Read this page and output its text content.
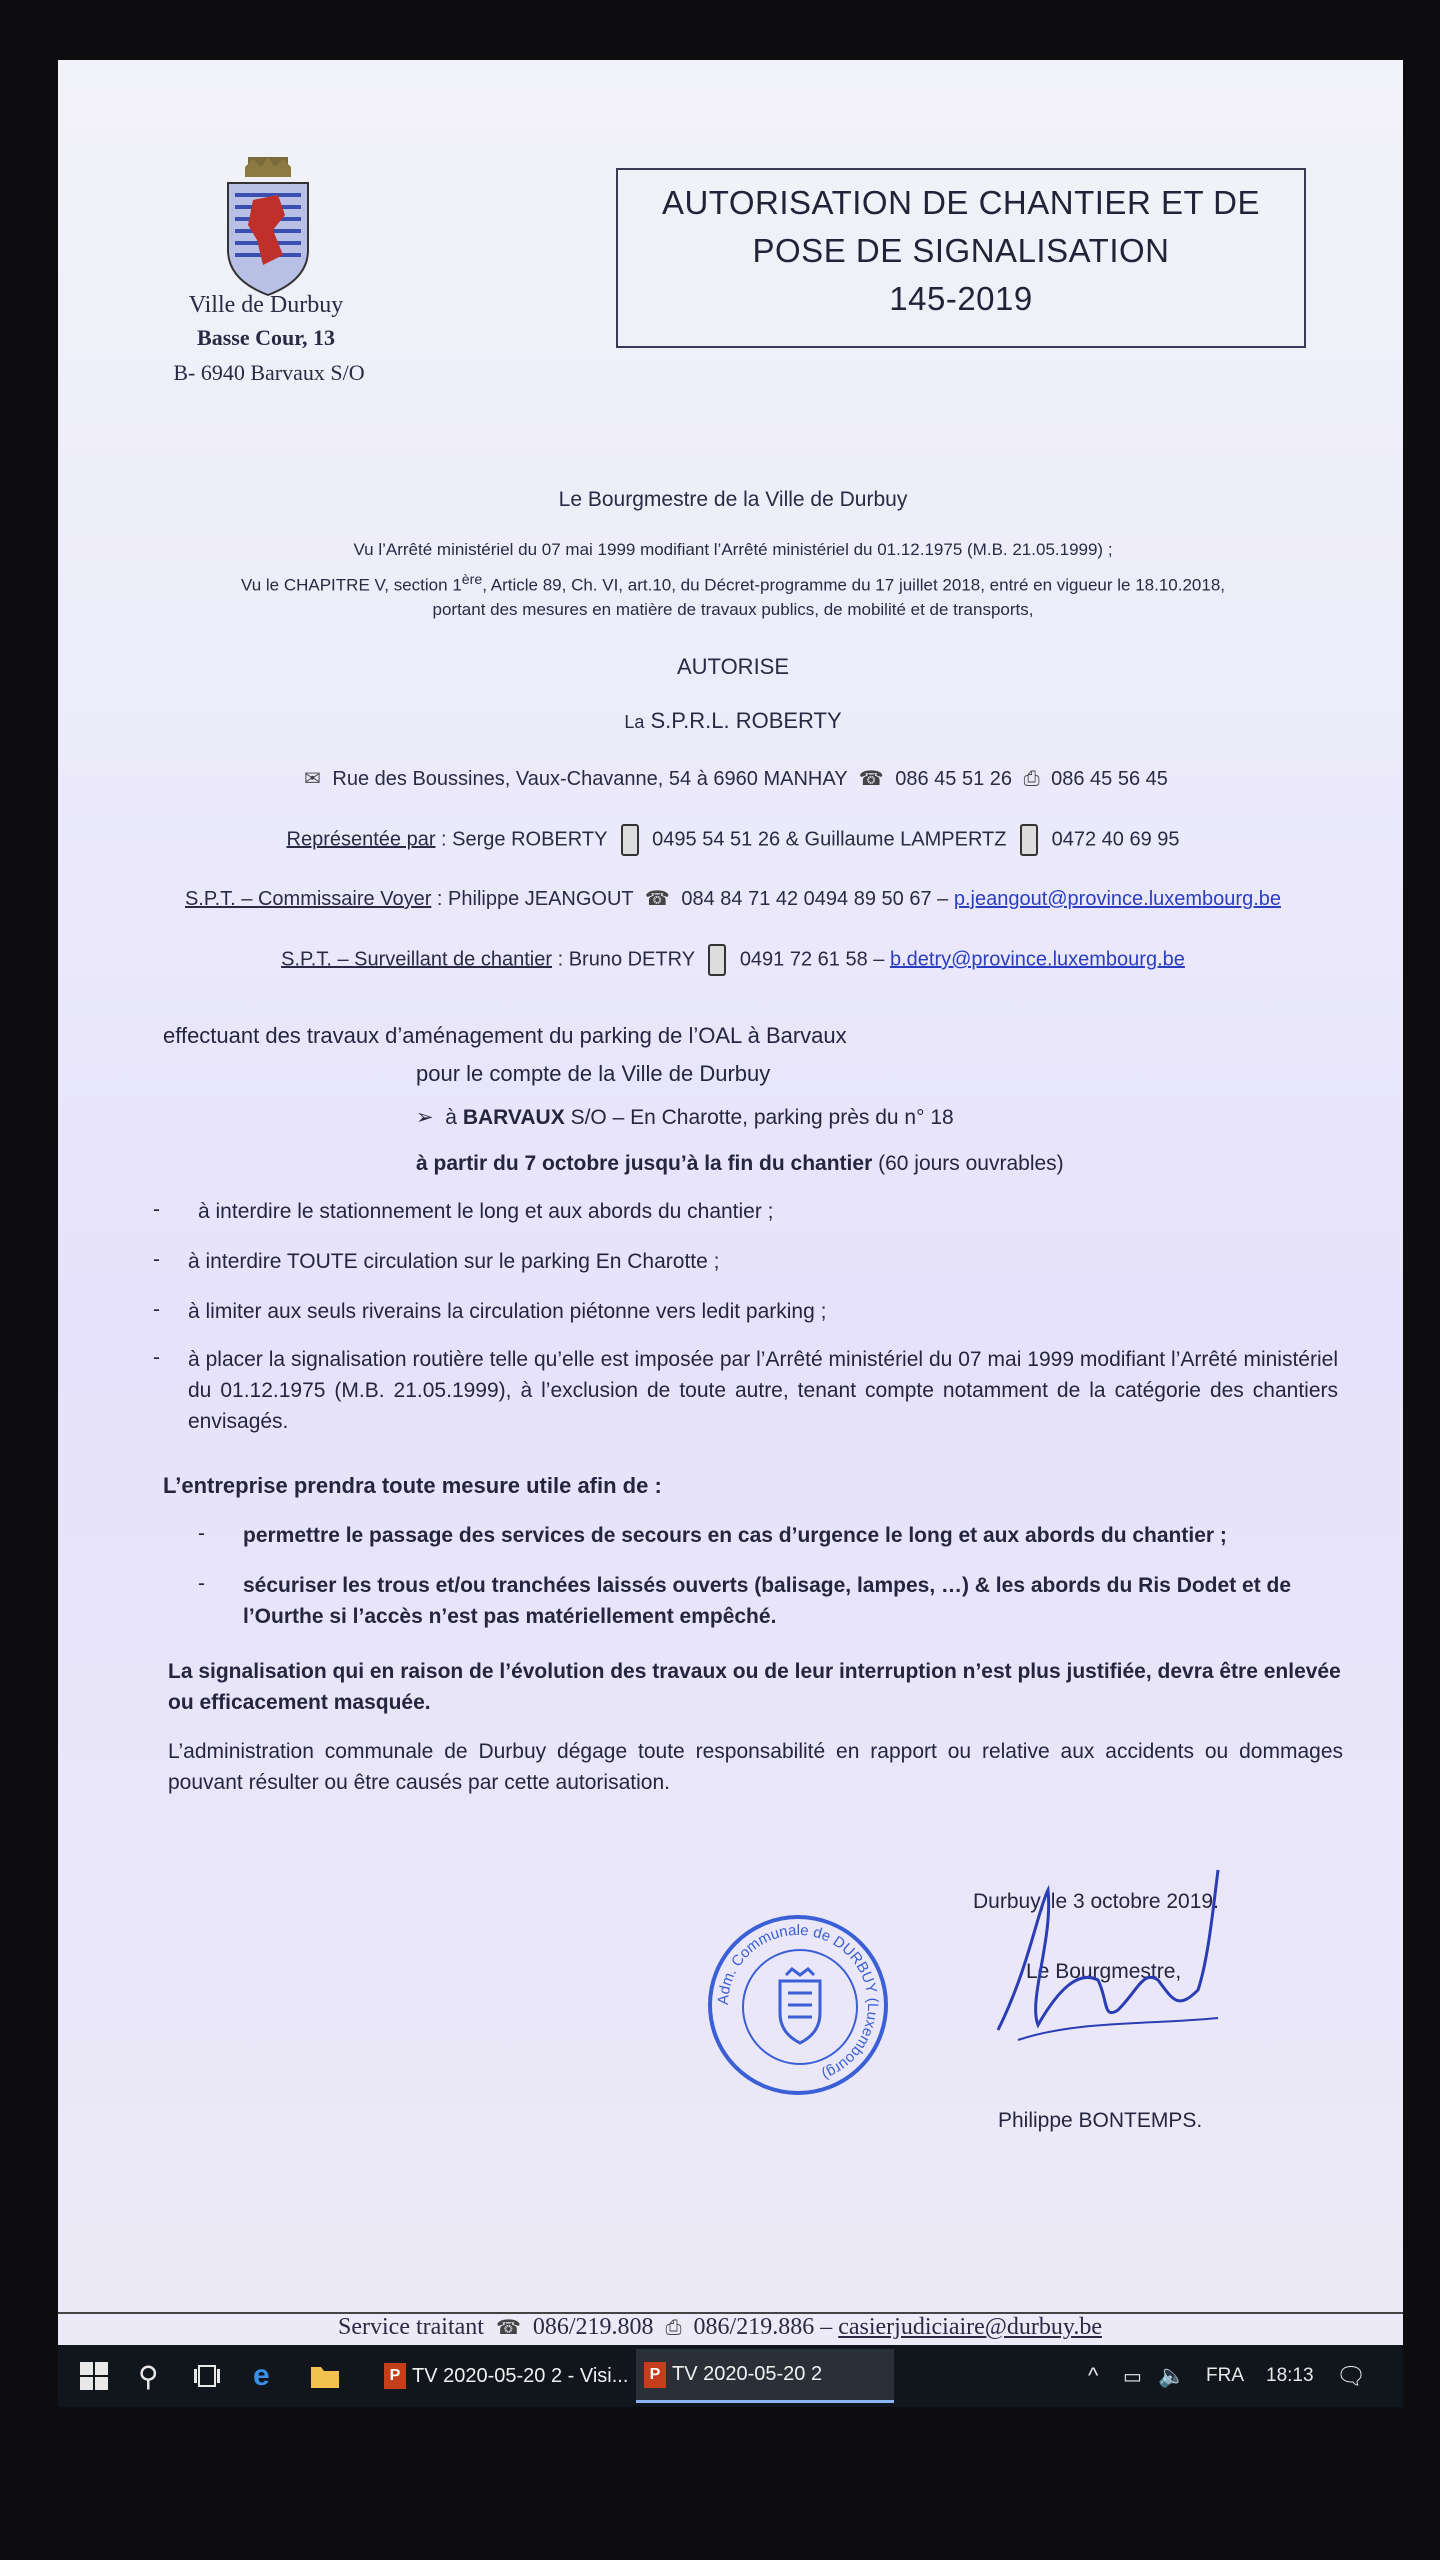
Ville de Durbuy
Basse Cour, 13
B- 6940 Barvaux S/O
AUTORISATION DE CHANTIER ET DE
POSE DE SIGNALISATION
145-2019
Le Bourgmestre de la Ville de Durbuy
Vu l’Arrêté ministériel du 07 mai 1999 modifiant l’Arrêté ministériel du 01.12.1975 (M.B. 21.05.1999) ;
Vu le CHAPITRE V, section 1ère, Article 89, Ch. VI, art.10, du Décret-programme du 17 juillet 2018, entré en vigueur le 18.10.2018,
portant des mesures en matière de travaux publics, de mobilité et de transports,
AUTORISE
La S.P.R.L. ROBERTY
✉ Rue des Boussines, Vaux-Chavanne, 54 à 6960 MANHAY ☎ 086 45 51 26 ⎙ 086 45 56 45
Représentée par : Serge ROBERTY 0495 54 51 26 & Guillaume LAMPERTZ 0472 40 69 95
S.P.T. – Commissaire Voyer : Philippe JEANGOUT ☎ 084 84 71 42 0494 89 50 67 – p.jeangout@province.luxembourg.be
S.P.T. – Surveillant de chantier : Bruno DETRY 0491 72 61 58 – b.detry@province.luxembourg.be
effectuant des travaux d’aménagement du parking de l’OAL à Barvaux
pour le compte de la Ville de Durbuy
➢ à BARVAUX S/O – En Charotte, parking près du n° 18
à partir du 7 octobre jusqu’à la fin du chantier (60 jours ouvrables)
- à interdire le stationnement le long et aux abords du chantier ;
- à interdire TOUTE circulation sur le parking En Charotte ;
- à limiter aux seuls riverains la circulation piétonne vers ledit parking ;
- à placer la signalisation routière telle qu’elle est imposée par l’Arrêté ministériel du 07 mai 1999 modifiant l’Arrêté ministériel du 01.12.1975 (M.B. 21.05.1999), à l’exclusion de toute autre, tenant compte notamment de la catégorie des chantiers envisagés.
L’entreprise prendra toute mesure utile afin de :
- permettre le passage des services de secours en cas d’urgence le long et aux abords du chantier ;
- sécuriser les trous et/ou tranchées laissés ouverts (balisage, lampes, …) & les abords du Ris Dodet et de l’Ourthe si l’accès n’est pas matériellement empêché.
La signalisation qui en raison de l’évolution des travaux ou de leur interruption n’est plus justifiée, devra être enlevée ou efficacement masquée.
L’administration communale de Durbuy dégage toute responsabilité en rapport ou relative aux accidents ou dommages pouvant résulter ou être causés par cette autorisation.
Durbuy, le 3 octobre 2019.
Le Bourgmestre,
Philippe BONTEMPS.
Adm. Communale de DURBUY (Luxembourg)
Service traitant ☎ 086/219.808 ⎙ 086/219.886 – casierjudiciaire@durbuy.be
⚲	e	P TV 2020-05-20 2 - Visi...	P TV 2020-05-20 2	^ ▭ 🔈 FRA 18:13 🗨
